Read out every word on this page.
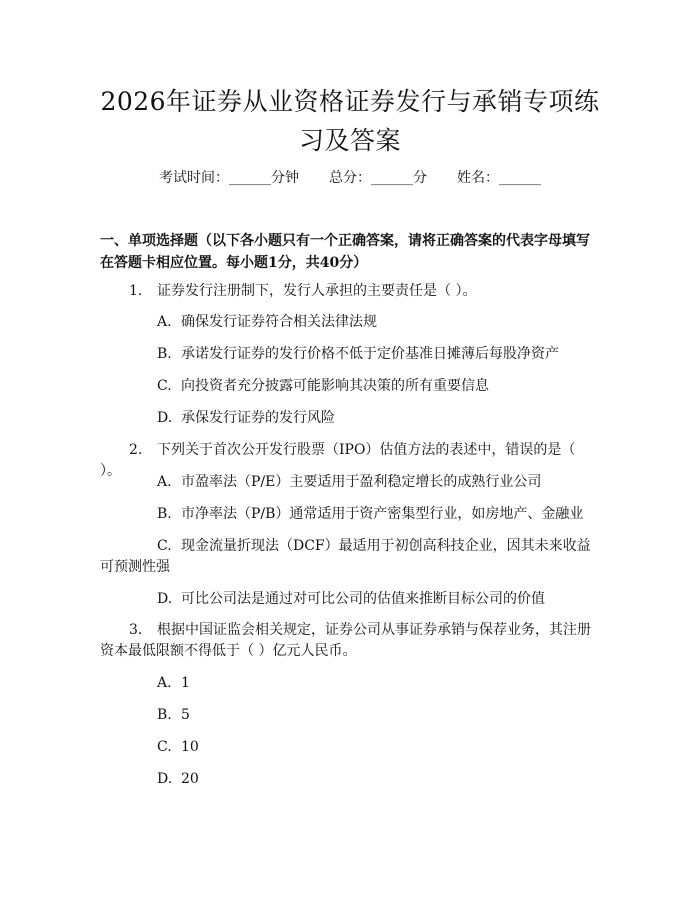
2026年证券从业资格证券发行与承销专项练习及答案
考试时间：______分钟 总分：______分 姓名：______

一、单项选择题（以下各小题只有一个正确答案，请将正确答案的代表字母填写在答题卡相应位置。每小题1分，共40分）

1. 证券发行注册制下，发行人承担的主要责任是（ ）。

A. 确保发行证券符合相关法律法规
B. 承诺发行证券的发行价格不低于定价基准日摊薄后每股净资产
C. 向投资者充分披露可能影响其决策的所有重要信息
D. 承保发行证券的发行风险

2. 下列关于首次公开发行股票（IPO）估值方法的表述中，错误的是（ ）。

A. 市盈率法（P/E）主要适用于盈利稳定增长的成熟行业公司
B. 市净率法（P/B）通常适用于资产密集型行业，如房地产、金融业
C. 现金流量折现法（DCF）最适用于初创高科技企业，因其未来收益可预测性强
D. 可比公司法是通过对可比公司的估值来推断目标公司的价值

3. 根据中国证监会相关规定，证券公司从事证券承销与保荐业务，其注册资本最低限额不得低于（ ）亿元人民币。

A. 1
B. 5
C. 10
D. 20
